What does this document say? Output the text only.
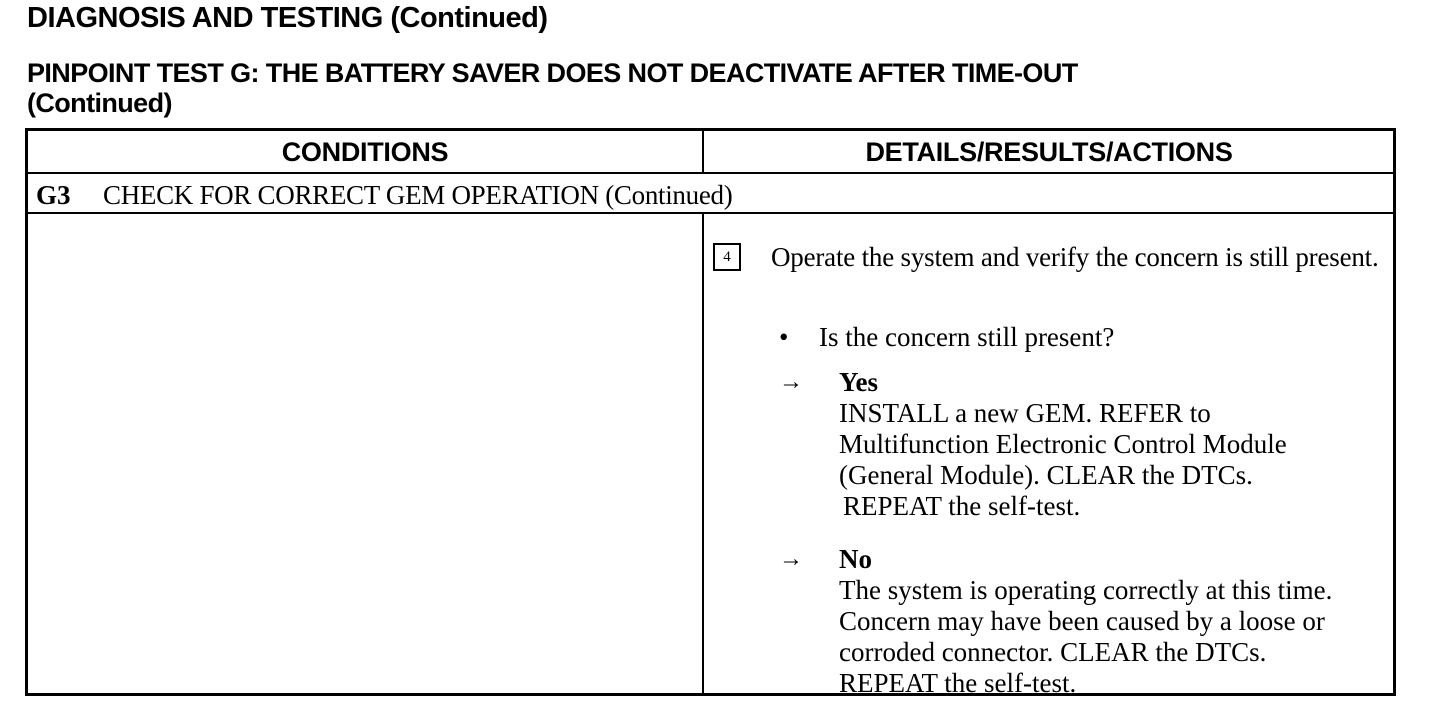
DIAGNOSIS AND TESTING (Continued)
PINPOINT TEST G: THE BATTERY SAVER DOES NOT DEACTIVATE AFTER TIME-OUT
(Continued)
CONDITIONS	DETAILS/RESULTS/ACTIONS
G3 CHECK FOR CORRECT GEM OPERATION (Continued)
4	Operate the system and verify the concern is still present.
• Is the concern still present?
→ Yes
INSTALL a new GEM. REFER to
Multifunction Electronic Control Module
(General Module). CLEAR the DTCs.
REPEAT the self-test.
→ No
The system is operating correctly at this time.
Concern may have been caused by a loose or
corroded connector. CLEAR the DTCs.
REPEAT the self-test.
